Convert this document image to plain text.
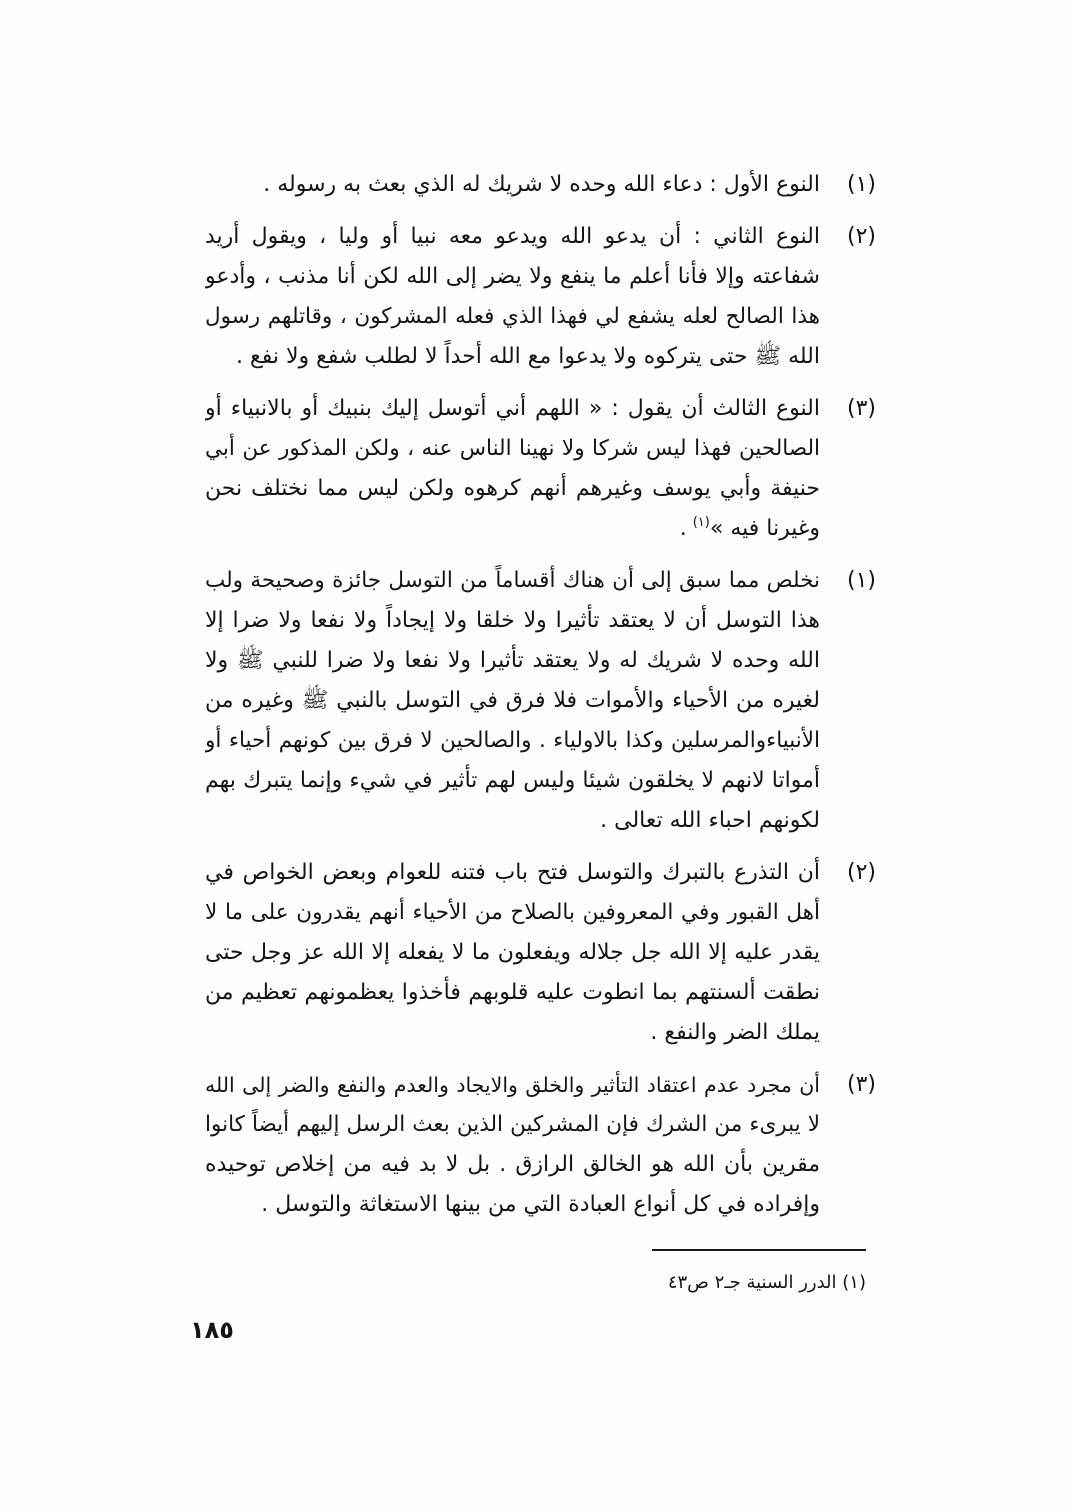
(١)
النوع الأول : دعاء الله وحده لا شريك له الذي بعث به رسوله .
(٢)
النوع الثاني : أن يدعو الله ويدعو معه نبيا أو وليا ، ويقول أريد
شفاعته وإلا فأنا أعلم ما ينفع ولا يضر إلى الله لكن أنا مذنب ، وأدعو
هذا الصالح لعله يشفع لي فهذا الذي فعله المشركون ، وقاتلهم رسول
الله ﷺ حتى يتركوه ولا يدعوا مع الله أحداً لا لطلب شفع ولا نفع .
(٣)
النوع الثالث أن يقول : « اللهم أني أتوسل إليك بنبيك أو بالانبياء أو
الصالحين فهذا ليس شركا ولا نهينا الناس عنه ، ولكن المذكور عن أبي
حنيفة وأبي يوسف وغيرهم أنهم كرهوه ولكن ليس مما نختلف نحن
وغيرنا فيه »$^{(١)}$.
(١)
نخلص مما سبق إلى أن هناك أقساماً من التوسل جائزة وصحيحة ولب
هذا التوسل أن لا يعتقد تأثيرا ولا خلقا ولا إيجاداً ولا نفعا ولا ضرا إلا
الله وحده لا شريك له ولا يعتقد تأثيرا ولا نفعا ولا ضرا للنبي ﷺ ولا
لغيره من الأحياء والأموات فلا فرق في التوسل بالنبي ﷺ وغيره من
الأنبياءوالمرسلين وكذا بالاولياء . والصالحين لا فرق بين كونهم أحياء أو
أمواتا لانهم لا يخلقون شيئا وليس لهم تأثير في شيء وإنما يتبرك بهم
لكونهم احباء الله تعالى .
(٢)
أن التذرع بالتبرك والتوسل فتح باب فتنه للعوام وبعض الخواص في
أهل القبور وفي المعروفين بالصلاح من الأحياء أنهم يقدرون على ما لا
يقدر عليه إلا الله جل جلاله ويفعلون ما لا يفعله إلا الله عز وجل حتى
نطقت ألسنتهم بما انطوت عليه قلوبهم فأخذوا يعظمونهم تعظيم من
يملك الضر والنفع .
(٣)
أن مجرد عدم اعتقاد التأثير والخلق والايجاد والعدم والنفع والضر إلى الله
لا يبرىء من الشرك فإن المشركين الذين بعث الرسل إليهم أيضاً كانوا
مقرين بأن الله هو الخالق الرازق . بل لا بد فيه من إخلاص توحيده
وإفراده في كل أنواع العبادة التي من بينها الاستغاثة والتوسل .
(١) الدرر السنية جـ٢ ص٤٣
١٨٥
